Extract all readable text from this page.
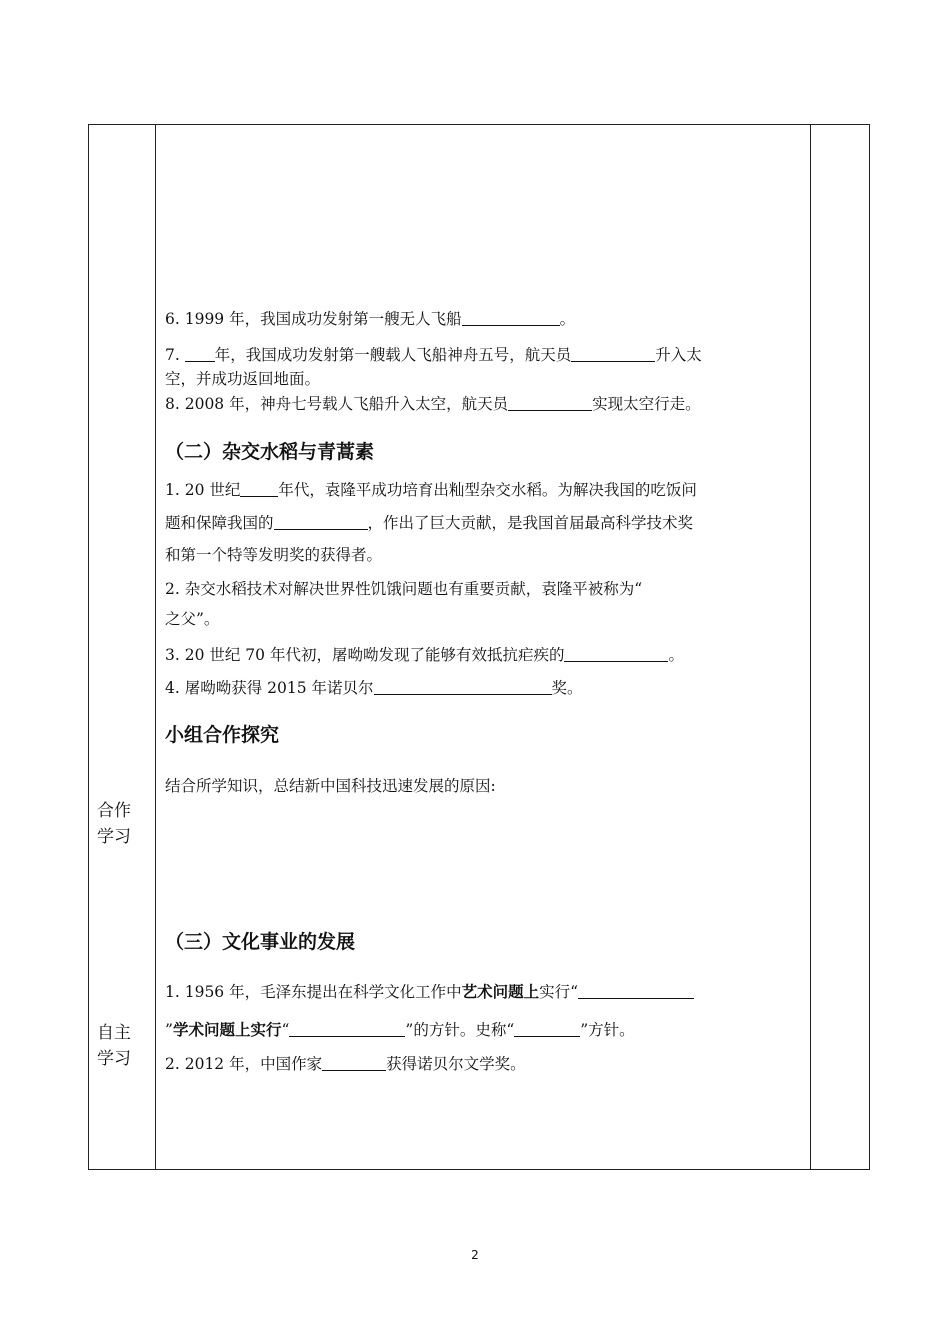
合作
学习
自主
学习
6. 1999 年，我国成功发射第一艘无人飞船	。
7. 年，我国成功发射第一艘载人飞船神舟五号，航天员	升入太
空，并成功返回地面。
8. 2008 年，神舟七号载人飞船升入太空，航天员	实现太空行走。
（二）杂交水稻与青蒿素
1. 20 世纪 年代，袁隆平成功培育出籼型杂交水稻。为解决我国的吃饭问
题和保障我国的	，作出了巨大贡献，是我国首届最高科学技术奖
和第一个特等发明奖的获得者。
2. 杂交水稻技术对解决世界性饥饿问题也有重要贡献，袁隆平被称为“
之父”。
3. 20 世纪 70 年代初，屠呦呦发现了能够有效抵抗疟疾的	。
4. 屠呦呦获得 2015 年诺贝尔	奖。
小组合作探究
结合所学知识，总结新中国科技迅速发展的原因:
（三）文化事业的发展
1. 1956 年，毛泽东提出在科学文化工作中艺术问题上实行“
”学术问题上实行“	”的方针。史称“	”方针。
2. 2012 年，中国作家	获得诺贝尔文学奖。
2
